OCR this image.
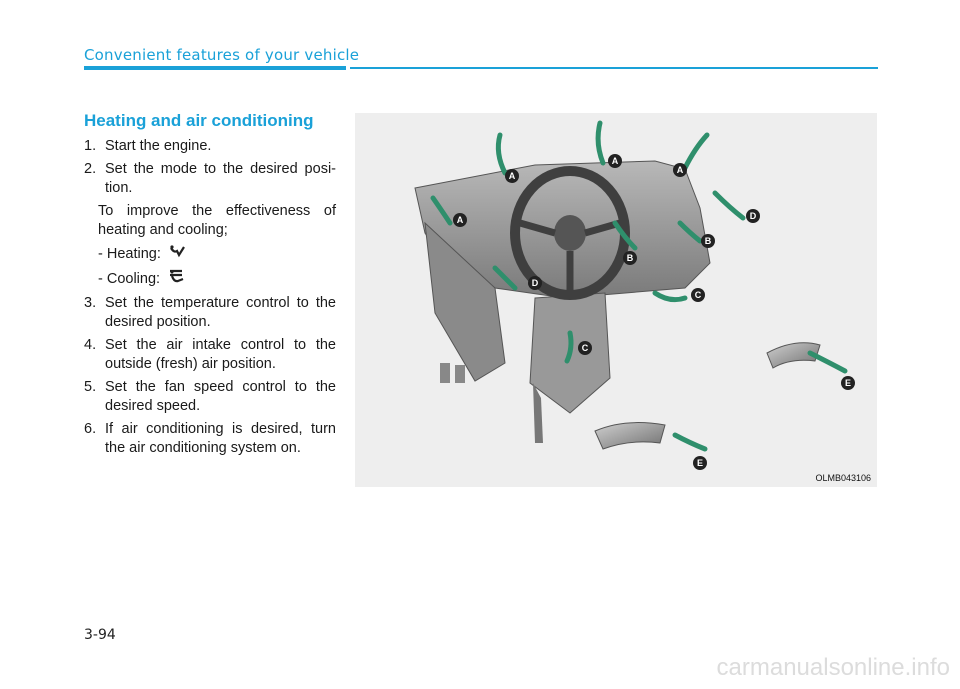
Convenient features of your vehicle
Heating and air conditioning
1. Start the engine.
2. Set the mode to the desired posi-tion.
To improve the effectiveness of heating and cooling;
- Heating:
- Cooling:
3. Set the temperature control to the desired position.
4. Set the air intake control to the outside (fresh) air position.
5. Set the fan speed control to the desired speed.
6. If air conditioning is desired, turn the air conditioning system on.
A
A
A
A
D
B
B
D
C
C
E
E
OLMB043106
3-94
carmanualsonline.info
